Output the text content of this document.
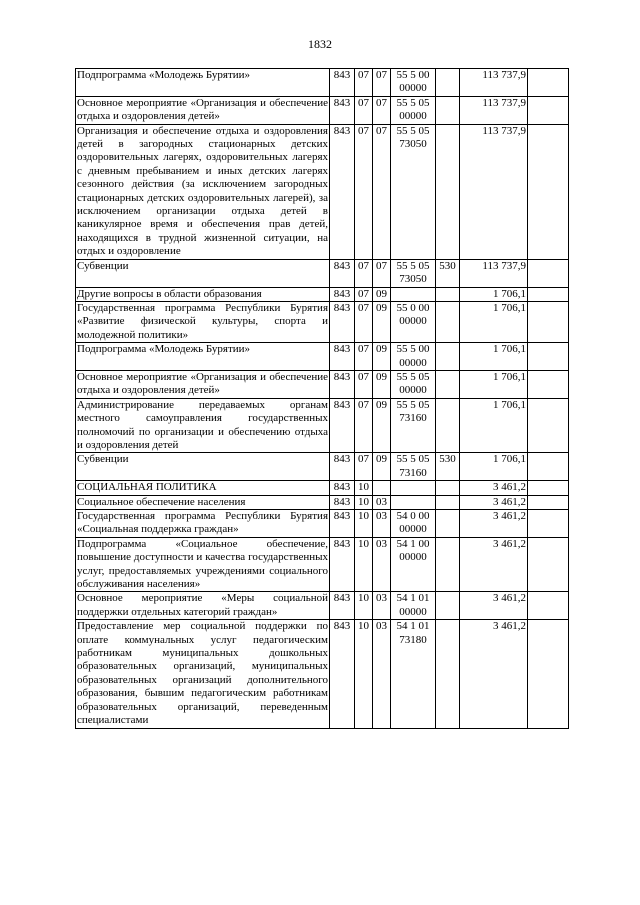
1832
Подпрограмма «Молодежь Бурятии»	843	07	07	55 5 00 00000		113 737,9	
Основное мероприятие «Организация и обеспечение отдыха и оздоровления детей»	843	07	07	55 5 05 00000		113 737,9	
Организация и обеспечение отдыха и оздоровления детей в загородных стационарных детских оздоровительных лагерях, оздоровительных лагерях с дневным пребыванием и иных детских лагерях сезонного действия (за исключением загородных стационарных детских оздоровительных лагерей), за исключением организации отдыха детей в каникулярное время и обеспечения прав детей, находящихся в трудной жизненной ситуации, на отдых и оздоровление	843	07	07	55 5 05 73050		113 737,9	
Субвенции	843	07	07	55 5 05 73050	530	113 737,9	
Другие вопросы в области образования	843	07	09			1 706,1	
Государственная программа Республики Бурятия «Развитие физической культуры, спорта и молодежной политики»	843	07	09	55 0 00 00000		1 706,1	
Подпрограмма «Молодежь Бурятии»	843	07	09	55 5 00 00000		1 706,1	
Основное мероприятие «Организация и обеспечение отдыха и оздоровления детей»	843	07	09	55 5 05 00000		1 706,1	
Администрирование передаваемых органам местного самоуправления государственных полномочий по организации и обеспечению отдыха и оздоровления детей	843	07	09	55 5 05 73160		1 706,1	
Субвенции	843	07	09	55 5 05 73160	530	1 706,1	
СОЦИАЛЬНАЯ ПОЛИТИКА	843	10				3 461,2	
Социальное обеспечение населения	843	10	03			3 461,2	
Государственная программа Республики Бурятия «Социальная поддержка граждан»	843	10	03	54 0 00 00000		3 461,2	
Подпрограмма «Социальное обеспечение, повышение доступности и качества государственных услуг, предоставляемых учреждениями социального обслуживания населения»	843	10	03	54 1 00 00000		3 461,2	
Основное мероприятие «Меры социальной поддержки отдельных категорий граждан»	843	10	03	54 1 01 00000		3 461,2	
Предоставление мер социальной поддержки по оплате коммунальных услуг педагогическим работникам муниципальных дошкольных образовательных организаций, муниципальных образовательных организаций дополнительного образования, бывшим педагогическим работникам образовательных организаций, переведенным специалистами	843	10	03	54 1 01 73180		3 461,2	
